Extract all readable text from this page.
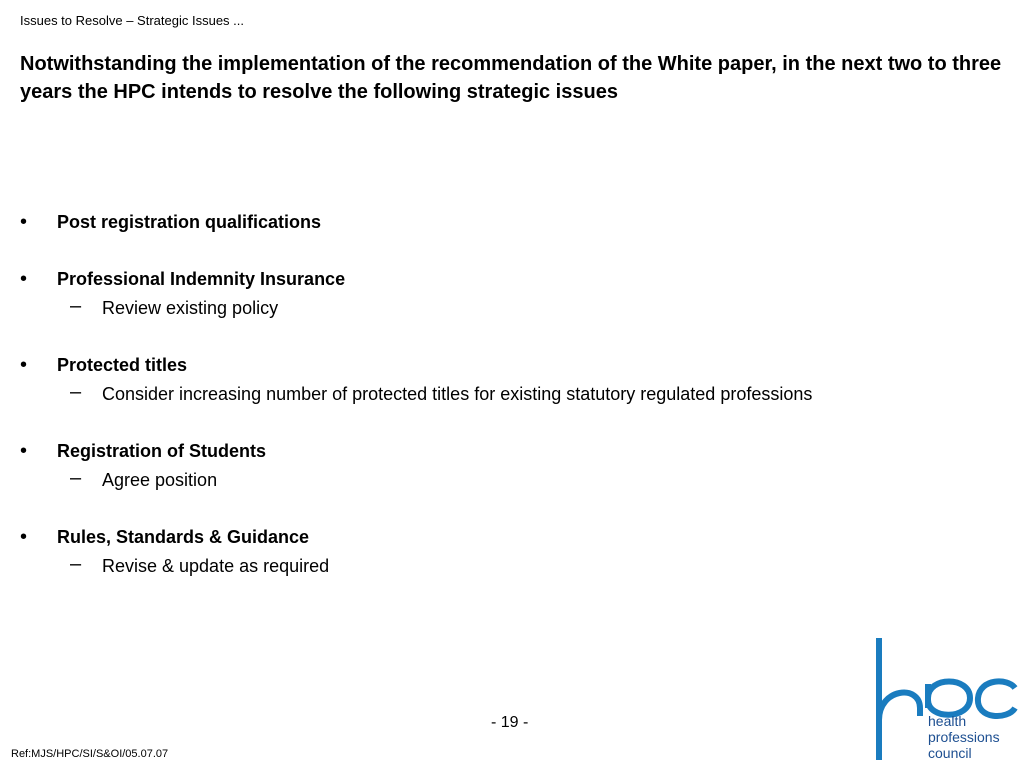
Issues to Resolve – Strategic Issues ...
Notwithstanding the implementation of the recommendation of the White paper, in the next two to three years the HPC intends to resolve the following strategic issues
•	Post registration qualifications
•	Professional Indemnity Insurance
– Review existing policy
•	Protected titles
– Consider increasing number of protected titles for existing statutory regulated professions
•	Registration of Students
– Agree position
•	Rules, Standards & Guidance
– Revise & update as required
- 19 -
Ref:MJS/HPC/SI/S&OI/05.07.07
health
professions
council
